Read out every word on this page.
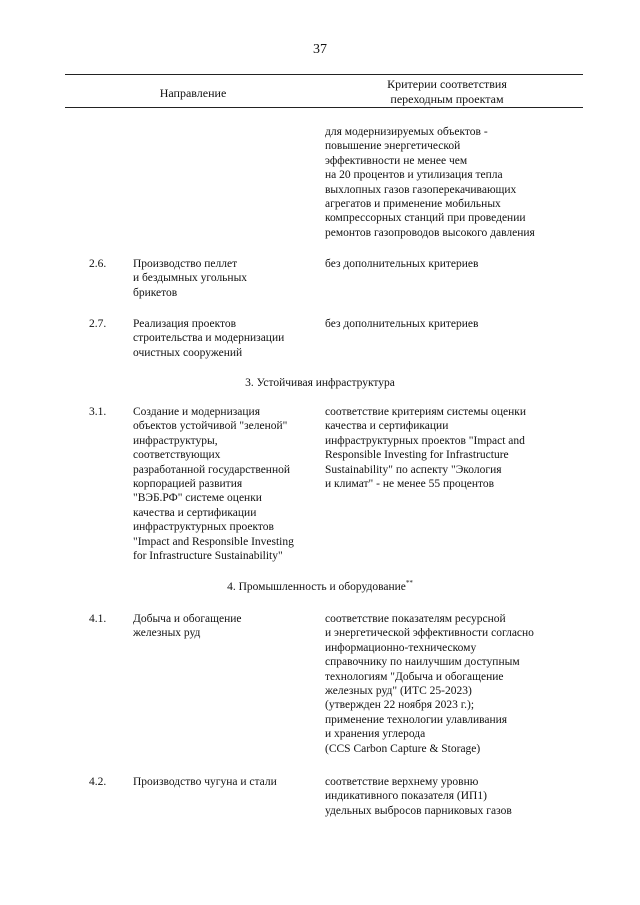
37
Направление
Критерии соответствия
переходным проектам
для модернизируемых объектов -
повышение энергетической
эффективности не менее чем
на 20 процентов и утилизация тепла
выхлопных газов газоперекачивающих
агрегатов и применение мобильных
компрессорных станций при проведении
ремонтов газопроводов высокого давления
2.6. Производство пеллет
и бездымных угольных
брикетов
без дополнительных критериев
2.7. Реализация проектов
строительства и модернизации
очистных сооружений
без дополнительных критериев
3. Устойчивая инфраструктура
3.1. Создание и модернизация
объектов устойчивой "зеленой"
инфраструктуры,
соответствующих
разработанной государственной
корпорацией развития
"ВЭБ.РФ" системе оценки
качества и сертификации
инфраструктурных проектов
"Impact and Responsible Investing
for Infrastructure Sustainability"
соответствие критериям системы оценки
качества и сертификации
инфраструктурных проектов "Impact and
Responsible Investing for Infrastructure
Sustainability" по аспекту "Экология
и климат" - не менее 55 процентов
4. Промышленность и оборудование**
4.1. Добыча и обогащение
железных руд
соответствие показателям ресурсной
и энергетической эффективности согласно
информационно-техническому
справочнику по наилучшим доступным
технологиям "Добыча и обогащение
железных руд" (ИТС 25-2023)
(утвержден 22 ноября 2023 г.);
применение технологии улавливания
и хранения углерода
(CCS Carbon Capture & Storage)
4.2. Производство чугуна и стали	соответствие верхнему уровню
индикативного показателя (ИП1)
удельных выбросов парниковых газов
